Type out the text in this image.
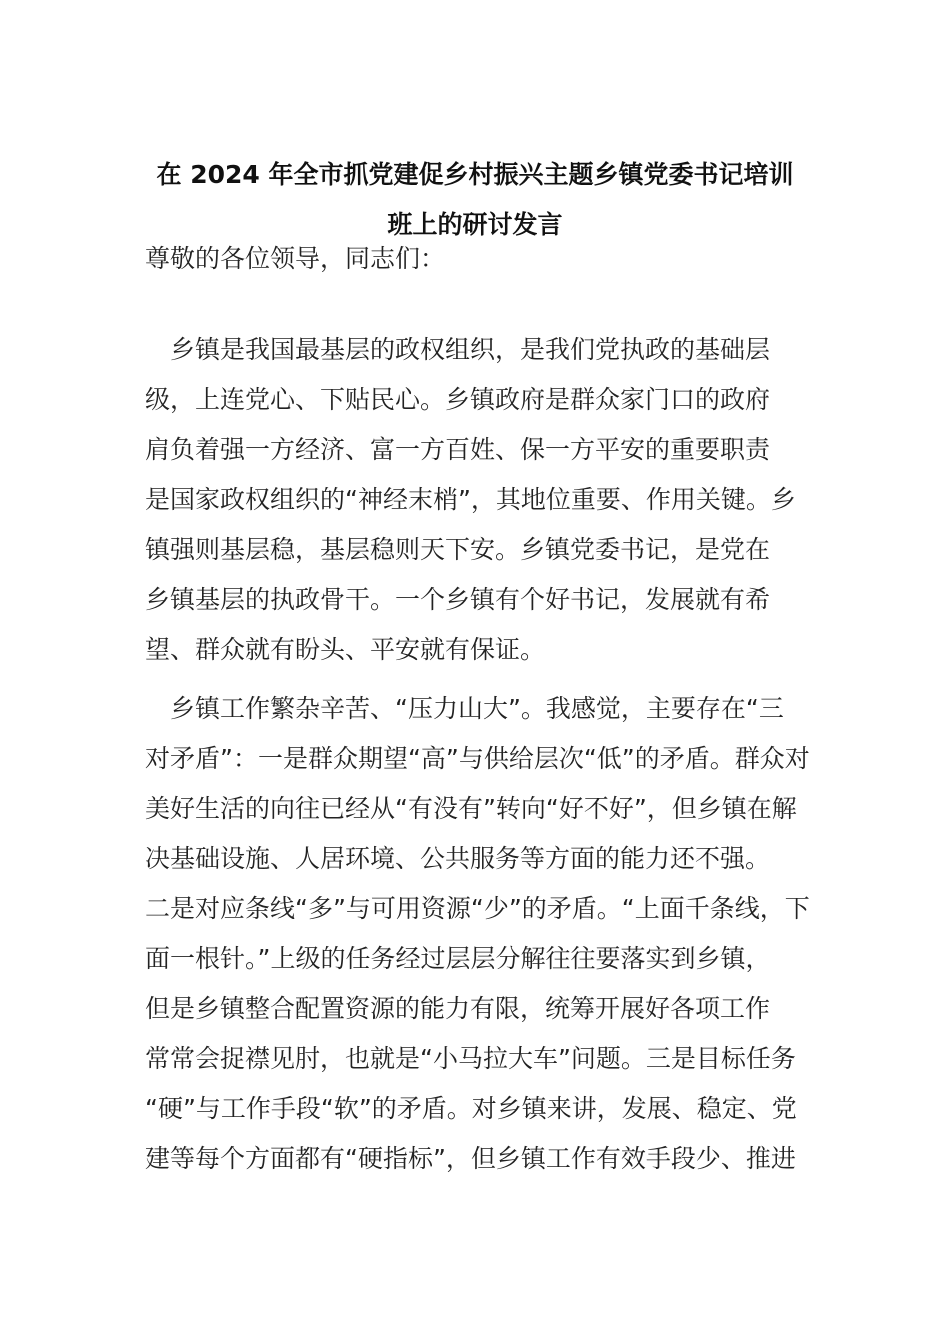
在 2024 年全市抓党建促乡村振兴主题乡镇党委书记培训
班上的研讨发言
尊敬的各位领导，同志们：
　乡镇是我国最基层的政权组织，是我们党执政的基础层
级，上连党心、下贴民心。乡镇政府是群众家门口的政府
肩负着强一方经济、富一方百姓、保一方平安的重要职责
是国家政权组织的“神经末梢”，其地位重要、作用关键。乡
镇强则基层稳，基层稳则天下安。乡镇党委书记，是党在
乡镇基层的执政骨干。一个乡镇有个好书记，发展就有希
望、群众就有盼头、平安就有保证。
　乡镇工作繁杂辛苦、“压力山大”。我感觉，主要存在“三
对矛盾”：一是群众期望“高”与供给层次“低”的矛盾。群众对
美好生活的向往已经从“有没有”转向“好不好”，但乡镇在解
决基础设施、人居环境、公共服务等方面的能力还不强。
二是对应条线“多”与可用资源“少”的矛盾。“上面千条线，下
面一根针。”上级的任务经过层层分解往往要落实到乡镇，
但是乡镇整合配置资源的能力有限，统筹开展好各项工作
常常会捉襟见肘，也就是“小马拉大车”问题。三是目标任务
“硬”与工作手段“软”的矛盾。对乡镇来讲，发展、稳定、党
建等每个方面都有“硬指标”，但乡镇工作有效手段少、推进
